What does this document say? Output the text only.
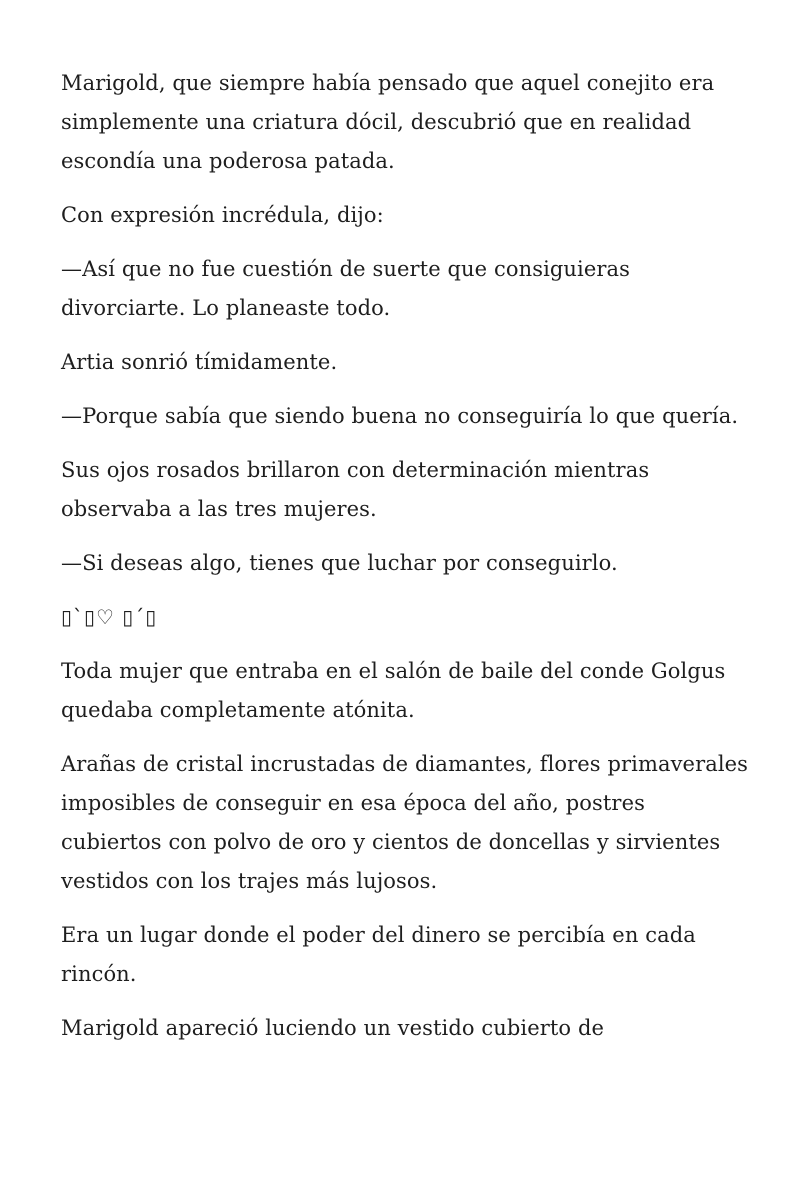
Marigold, que siempre había pensado que aquel conejito era simplemente una criatura dócil, descubrió que en realidad escondía una poderosa patada.

Con expresión incrédula, dijo:

—Así que no fue cuestión de suerte que consiguieras divorciarte. Lo planeaste todo.

Artia sonrió tímidamente.

—Porque sabía que siendo buena no conseguiría lo que quería.

Sus ojos rosados brillaron con determinación mientras observaba a las tres mujeres.

—Si deseas algo, tienes que luchar por conseguirlo.

▯`▯♡ ▯´▯

Toda mujer que entraba en el salón de baile del conde Golgus quedaba completamente atónita.

Arañas de cristal incrustadas de diamantes, flores primaverales imposibles de conseguir en esa época del año, postres cubiertos con polvo de oro y cientos de doncellas y sirvientes vestidos con los trajes más lujosos.

Era un lugar donde el poder del dinero se percibía en cada rincón.

Marigold apareció luciendo un vestido cubierto de
